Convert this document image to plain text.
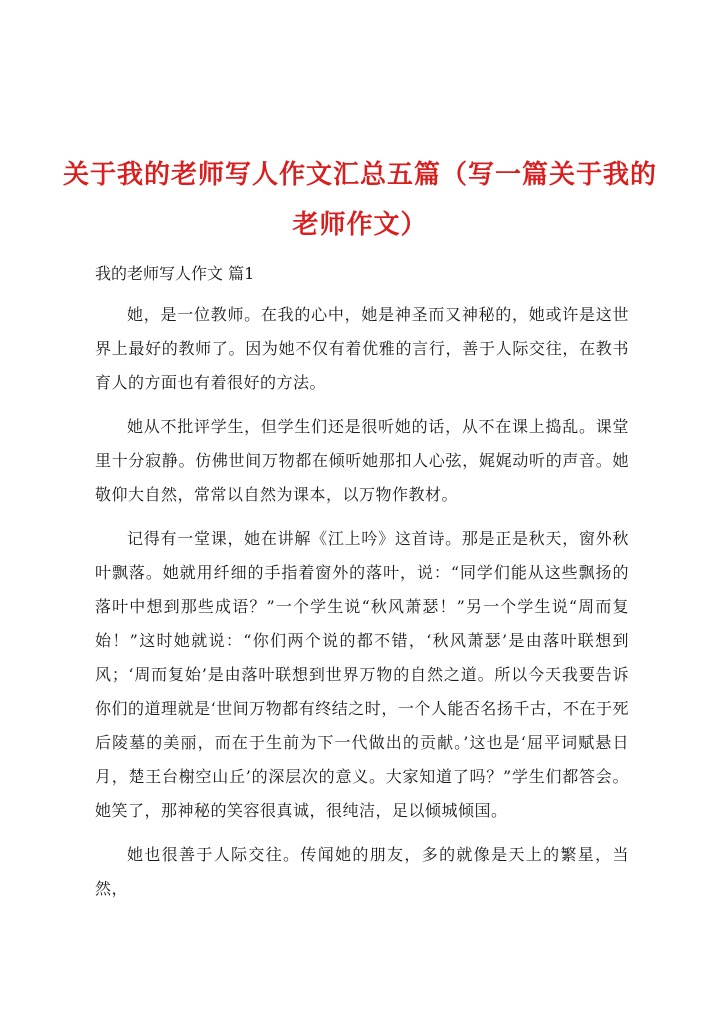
关于我的老师写人作文汇总五篇（写一篇关于我的老师作文）
我的老师写人作文 篇1

她，是一位教师。在我的心中，她是神圣而又神秘的，她或许是这世界上最好的教师了。因为她不仅有着优雅的言行，善于人际交往，在教书育人的方面也有着很好的方法。

她从不批评学生，但学生们还是很听她的话，从不在课上捣乱。课堂里十分寂静。仿佛世间万物都在倾听她那扣人心弦，娓娓动听的声音。她敬仰大自然，常常以自然为课本，以万物作教材。

记得有一堂课，她在讲解《江上吟》这首诗。那是正是秋天，窗外秋叶飘落。她就用纤细的手指着窗外的落叶，说：“同学们能从这些飘扬的落叶中想到那些成语？”一个学生说“秋风萧瑟！”另一个学生说“周而复始！”这时她就说：“你们两个说的都不错，‘秋风萧瑟’是由落叶联想到风；‘周而复始’是由落叶联想到世界万物的自然之道。所以今天我要告诉你们的道理就是‘世间万物都有终结之时，一个人能否名扬千古，不在于死后陵墓的美丽，而在于生前为下一代做出的贡献。’这也是‘屈平词赋悬日月，楚王台榭空山丘’的深层次的意义。大家知道了吗？”学生们都答会。她笑了，那神秘的笑容很真诚，很纯洁，足以倾城倾国。

她也很善于人际交往。传闻她的朋友，多的就像是天上的繁星，当然，
